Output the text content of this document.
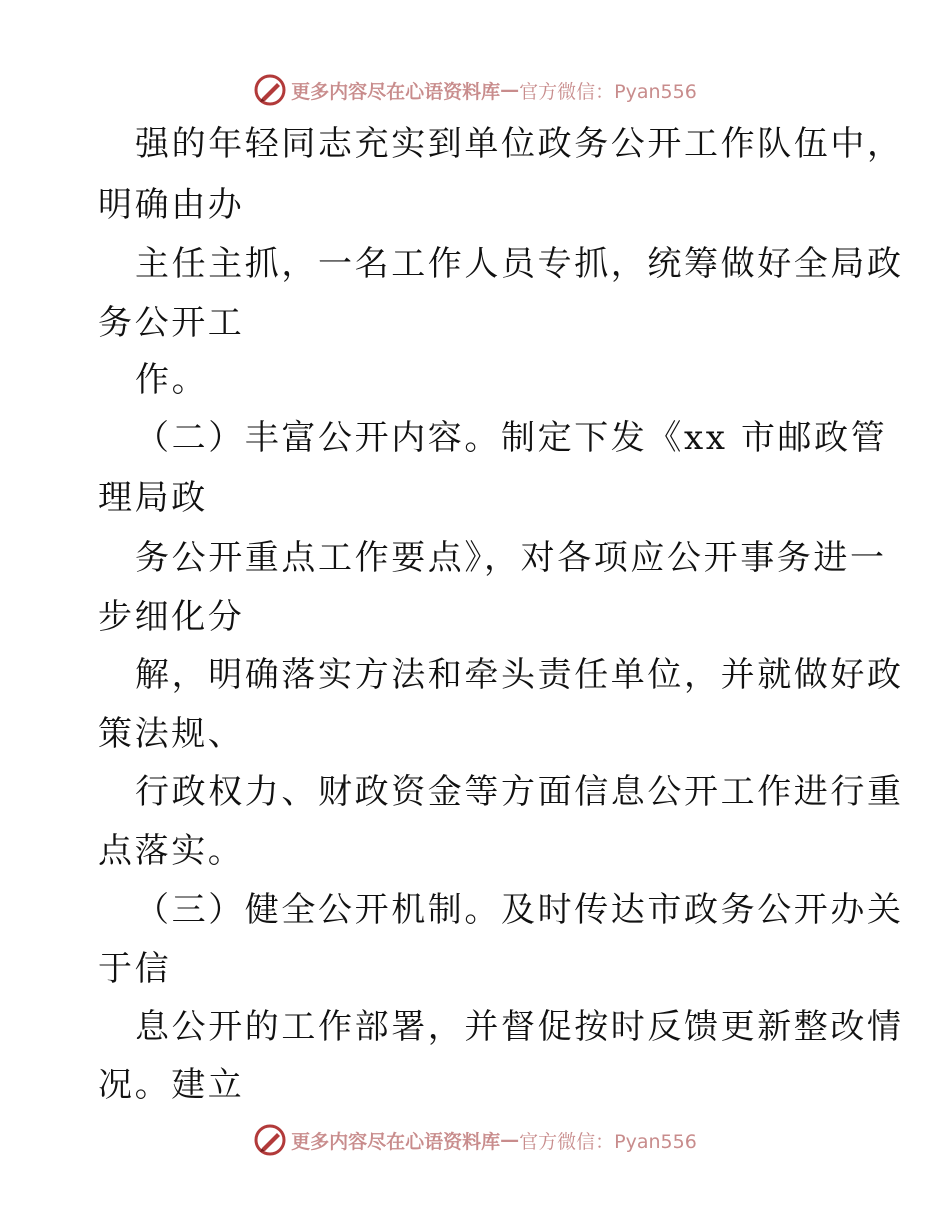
更多内容尽在心语资料库 — 官方微信：Pyan556

强的年轻同志充实到单位政务公开工作队伍中，

明确由办

主任主抓，一名工作人员专抓，统筹做好全局政

务公开工

作。

（二）丰富公开内容。制定下发《xx 市邮政管

理局政

务公开重点工作要点》，对各项应公开事务进一

步细化分

解，明确落实方法和牵头责任单位，并就做好政

策法规、

行政权力、财政资金等方面信息公开工作进行重

点落实。

（三）健全公开机制。及时传达市政务公开办关

于信

息公开的工作部署，并督促按时反馈更新整改情

况。建立

更多内容尽在心语资料库 — 官方微信：Pyan556
